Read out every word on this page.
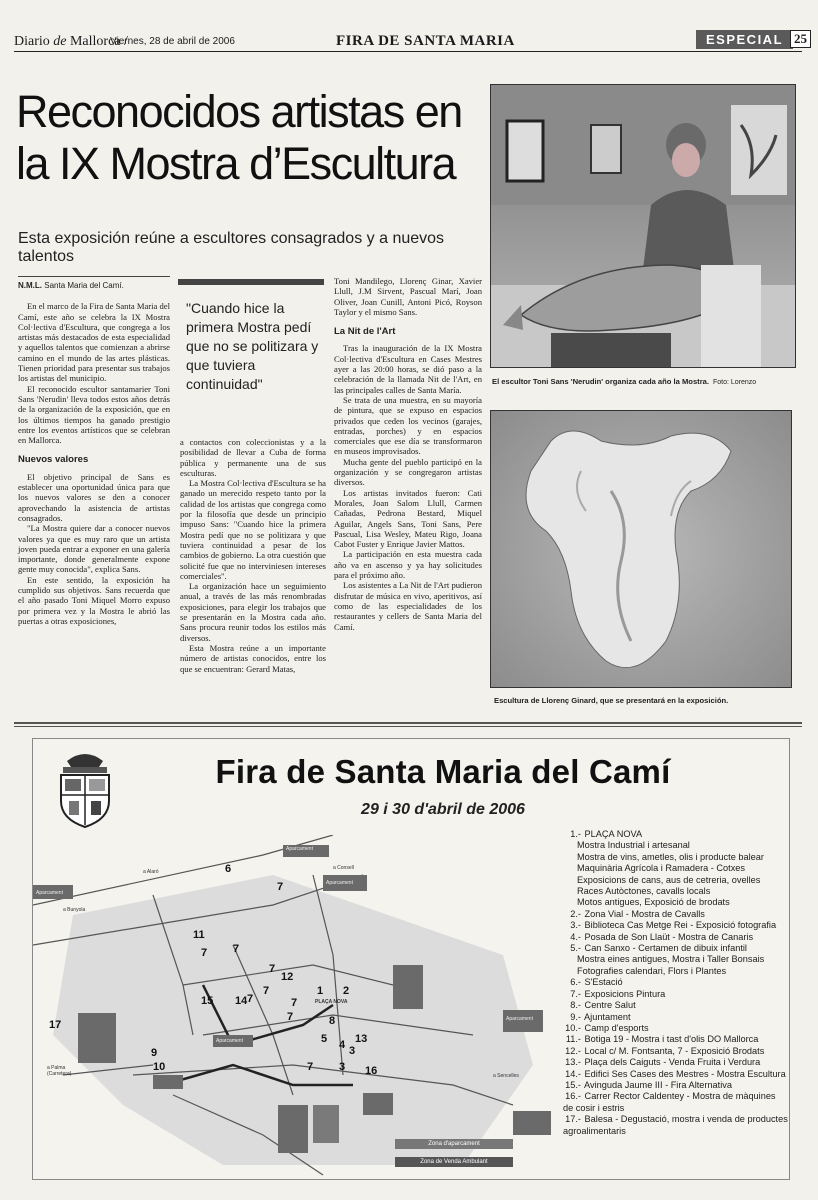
Diario de Mallorca /
Viernes, 28 de abril de 2006	FIRA DE SANTA MARIA	ESPECIAL 25
Reconocidos artistas en
la IX Mostra d’Escultura
Esta exposición reúne a escultores consagrados y a nuevos talentos
N.M.L. Santa Maria del Camí.

En el marco de la Fira de Santa Maria del Camí, este año se celebra la IX Mostra Col·lectiva d'Escultura, que congrega a los artistas más destacados de esta especialidad y aquellos talentos que comienzan a abrirse camino en el mundo de las artes plásticas. Tienen prioridad para presentar sus trabajos los artistas del municipio.

El reconocido escultor santamarier Toni Sans 'Nerudin' lleva todos estos años detrás de la organización de la exposición, que en los últimos tiempos ha ganado prestigio entre los eventos artísticos que se celebran en Mallorca.

Nuevos valores

El objetivo principal de Sans es establecer una oportunidad única para que los nuevos valores se den a conocer aprovechando la asistencia de artistas consagrados.

"La Mostra quiere dar a conocer nuevos valores ya que es muy raro que un artista joven pueda entrar a exponer en una galería importante, donde generalmente expone gente muy conocida", explica Sans.

En este sentido, la exposición ha cumplido sus objetivos. Sans recuerda que el año pasado Toni Miquel Morro expuso por primera vez y la Mostra le abrió las puertas a otras exposiciones,

"Cuando hice la primera Mostra pedí que no se politizara y que tuviera continuidad"

a contactos con coleccionistas y a la posibilidad de llevar a Cuba de forma pública y permanente una de sus esculturas.

La Mostra Col·lectiva d'Escultura se ha ganado un merecido respeto tanto por la calidad de los artistas que congrega como por la filosofía que desde un principio impuso Sans: "Cuando hice la primera Mostra pedí que no se politizara y que tuviera continuidad a pesar de los cambios de gobierno. La otra cuestión que solicité fue que no interviniesen intereses comerciales".

La organización hace un seguimiento anual, a través de las más renombradas exposiciones, para elegir los trabajos que se presentarán en la Mostra cada año. Sans procura reunir todos los estilos más diversos.

Esta Mostra reúne a un importante número de artistas conocidos, entre los que se encuentran: Gerard Matas,

Toni Mandilego, Llorenç Ginar, Xavier Llull, J.M Sirvent, Pascual Marí, Joan Oliver, Joan Cunill, Antoni Picó, Royson Taylor y el mismo Sans.

La Nit de l'Art

Tras la inauguración de la IX Mostra Col·lectiva d'Escultura en Cases Mestres ayer a las 20:00 horas, se dió paso a la celebración de la llamada Nit de l'Art, en las principales calles de Santa María.

Se trata de una muestra, en su mayoría de pintura, que se expuso en espacios privados que ceden los vecinos (garajes, entradas, porches) y en espacios comerciales que ese día se transformaron en museos improvisados.

Mucha gente del pueblo participó en la organización y se congregaron artistas diversos.

Los artistas invitados fueron: Cati Morales, Joan Salom Llull, Carmen Cañadas, Pedrona Bestard, Miquel Aguilar, Angels Sans, Toni Sans, Pere Pascual, Lisa Wesley, Mateu Rigo, Joana Cabot Fuster y Enrique Javier Mattos.

La participación en esta muestra cada año va en ascenso y ya hay solicitudes para el próximo año.

Los asistentes a La Nit de l'Art pudieron disfrutar de música en vivo, aperitivos, así como de las especialidades de los restaurantes y cellers de Santa Maria del Camí.

El escultor Toni Sans 'Nerudin' organiza cada año la Mostra. Foto: Lorenzo
Escultura de Llorenç Ginard, que se presentará en la exposición.
Fira de Santa Maria del Camí
29 i 30 d'abril de 2006
Aparcament
Aparcament
Aparcament
Aparcament
Aparcament
a Consell
a Alaró
a Bunyola
a Palma (Carretera)	a Sencelles
PLAÇA NOVA
6
7
11
7
7
7
12
1 2
7
7
14	7
7
15
8
17
5 4 13
3
9
10	7 3 16
Zona d'aparcament
Zona de Venda Ambulant
1.- PLAÇA NOVA
Mostra Industrial i artesanal
Mostra de vins, ametles, olis i producte balear
Maquinària Agrícola i Ramadera - Cotxes
Exposicions de cans, aus de cetreria, ovelles
Races Autòctones, cavalls locals
Motos antigues, Exposició de brodats
2.- Zona Vial - Mostra de Cavalls
3.- Biblioteca Cas Metge Rei - Exposició fotografia
4.- Posada de Son Llaüt - Mostra de Canaris
5.- Can Sanxo - Certamen de dibuix infantil
Mostra eines antigues, Mostra i Taller Bonsais
Fotografies calendari, Flors i Plantes
6.- S'Estació
7.- Exposicions Pintura
8.- Centre Salut
9.- Ajuntament
10.- Camp d'esports
11.- Botiga 19 - Mostra i tast d'olis DO Mallorca
12.- Local c/ M. Fontsanta, 7 - Exposició Brodats
13.- Plaça dels Caiguts - Venda Fruita i Verdura
14.- Edifici Ses Cases des Mestres - Mostra Escultura
15.- Avinguda Jaume III - Fira Alternativa
16.- Carrer Rector Caldentey - Mostra de màquines de cosir i estris
17.- Balesa - Degustació, mostra i venda de productes agroalimentaris
